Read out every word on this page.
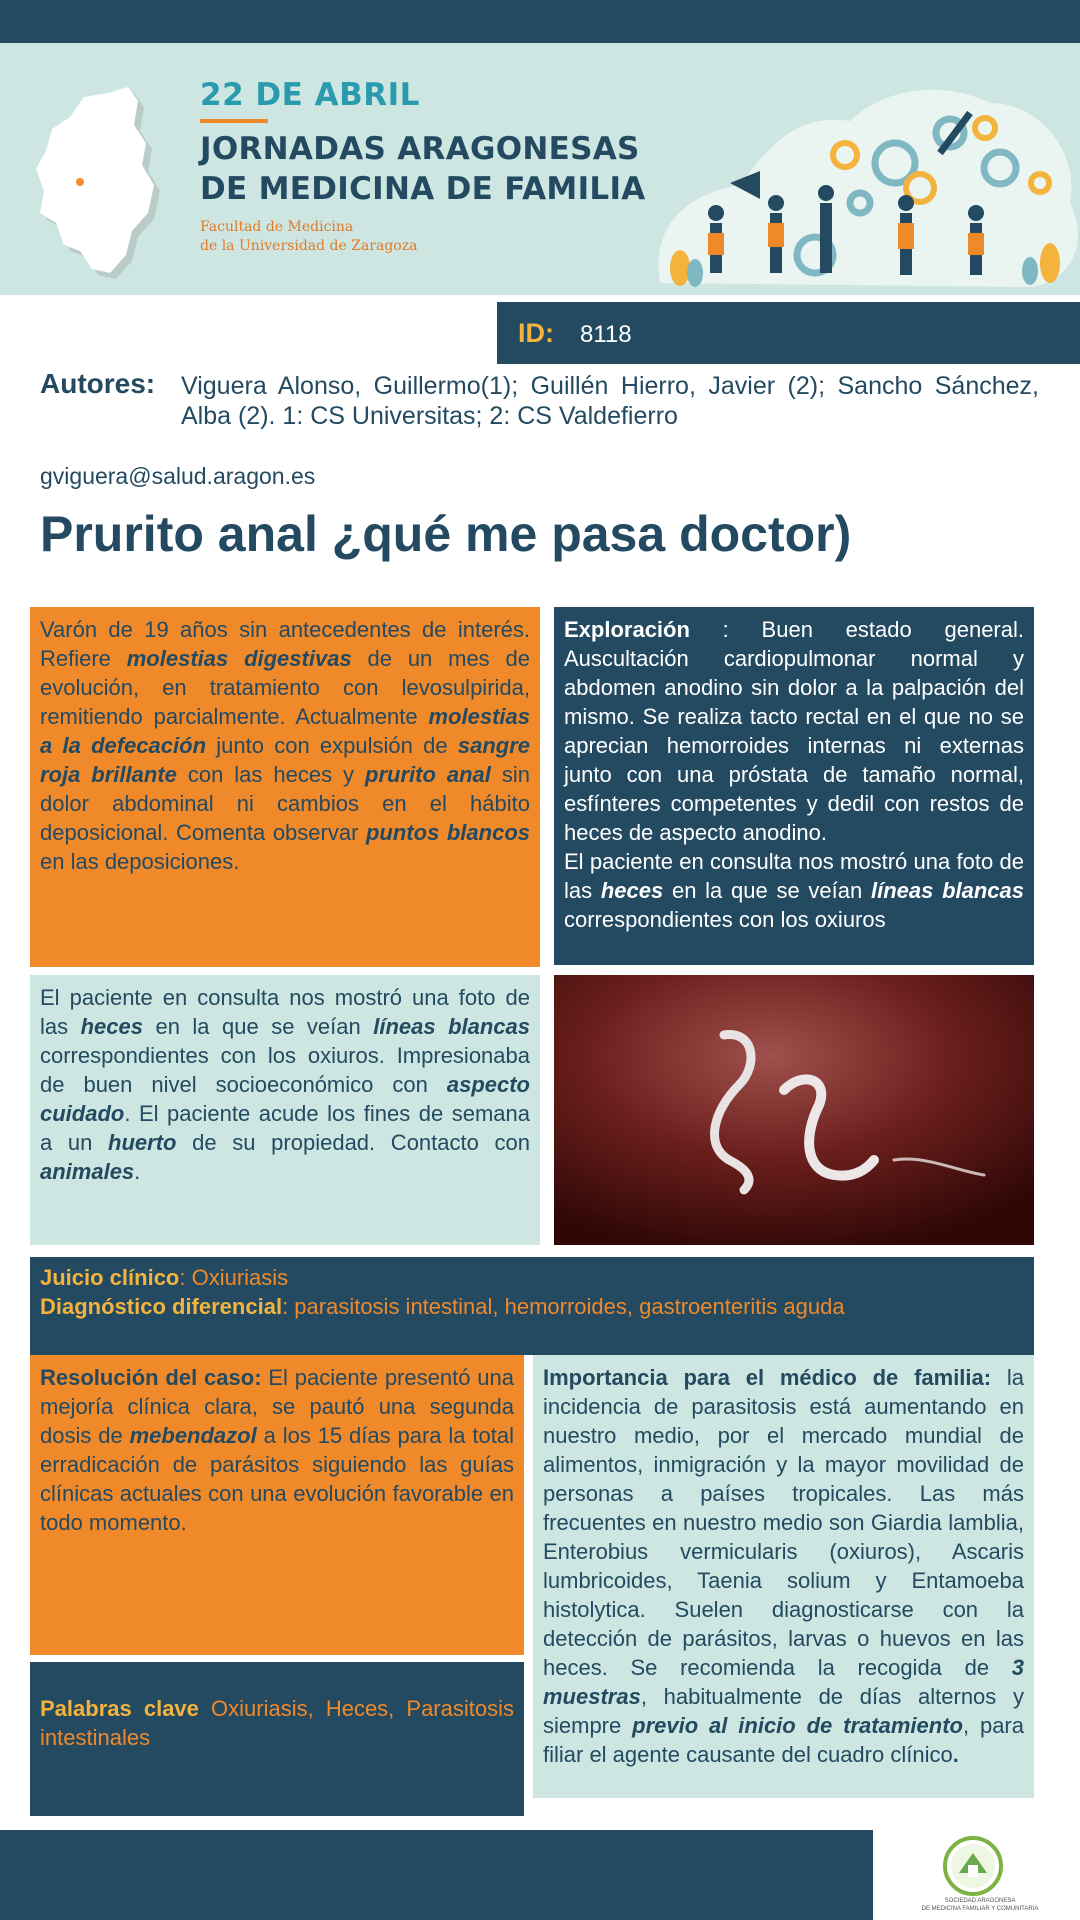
22 DE ABRIL
JORNADAS ARAGONESAS
DE MEDICINA DE FAMILIA
Facultad de Medicina
de la Universidad de Zaragoza
ID: 8118
Autores: Viguera Alonso, Guillermo(1); Guillén Hierro, Javier (2); Sancho Sánchez, Alba (2). 1: CS Universitas; 2: CS Valdefierro
gviguera@salud.aragon.es
Prurito anal ¿qué me pasa doctor)
Varón de 19 años sin antecedentes de interés. Refiere molestias digestivas de un mes de evolución, en tratamiento con levosulpirida, remitiendo parcialmente. Actualmente molestias a la defecación junto con expulsión de sangre roja brillante con las heces y prurito anal sin dolor abdominal ni cambios en el hábito deposicional. Comenta observar puntos blancos en las deposiciones.
Exploración : Buen estado general. Auscultación cardiopulmonar normal y abdomen anodino sin dolor a la palpación del mismo. Se realiza tacto rectal en el que no se aprecian hemorroides internas ni externas junto con una próstata de tamaño normal, esfínteres competentes y dedil con restos de heces de aspecto anodino.
El paciente en consulta nos mostró una foto de las heces en la que se veían líneas blancas correspondientes con los oxiuros
El paciente en consulta nos mostró una foto de las heces en la que se veían líneas blancas correspondientes con los oxiuros. Impresionaba de buen nivel socioeconómico con aspecto cuidado. El paciente acude los fines de semana a un huerto de su propiedad. Contacto con animales.
Juicio clínico: Oxiuriasis
Diagnóstico diferencial: parasitosis intestinal, hemorroides, gastroenteritis aguda
Resolución del caso: El paciente presentó una mejoría clínica clara, se pautó una segunda dosis de mebendazol a los 15 días para la total erradicación de parásitos siguiendo las guías clínicas actuales con una evolución favorable en todo momento.
Importancia para el médico de familia: la incidencia de parasitosis está aumentando en nuestro medio, por el mercado mundial de alimentos, inmigración y la mayor movilidad de personas a países tropicales. Las más frecuentes en nuestro medio son Giardia lamblia, Enterobius vermicularis (oxiuros), Ascaris lumbricoides, Taenia solium y Entamoeba histolytica. Suelen diagnosticarse con la detección de parásitos, larvas o huevos en las heces. Se recomienda la recogida de 3 muestras, habitualmente de días alternos y siempre previo al inicio de tratamiento, para filiar el agente causante del cuadro clínico.
Palabras clave Oxiuriasis, Heces, Parasitosis intestinales
SOCIEDAD ARAGONESA
DE MEDICINA FAMILIAR Y COMUNITARIA
